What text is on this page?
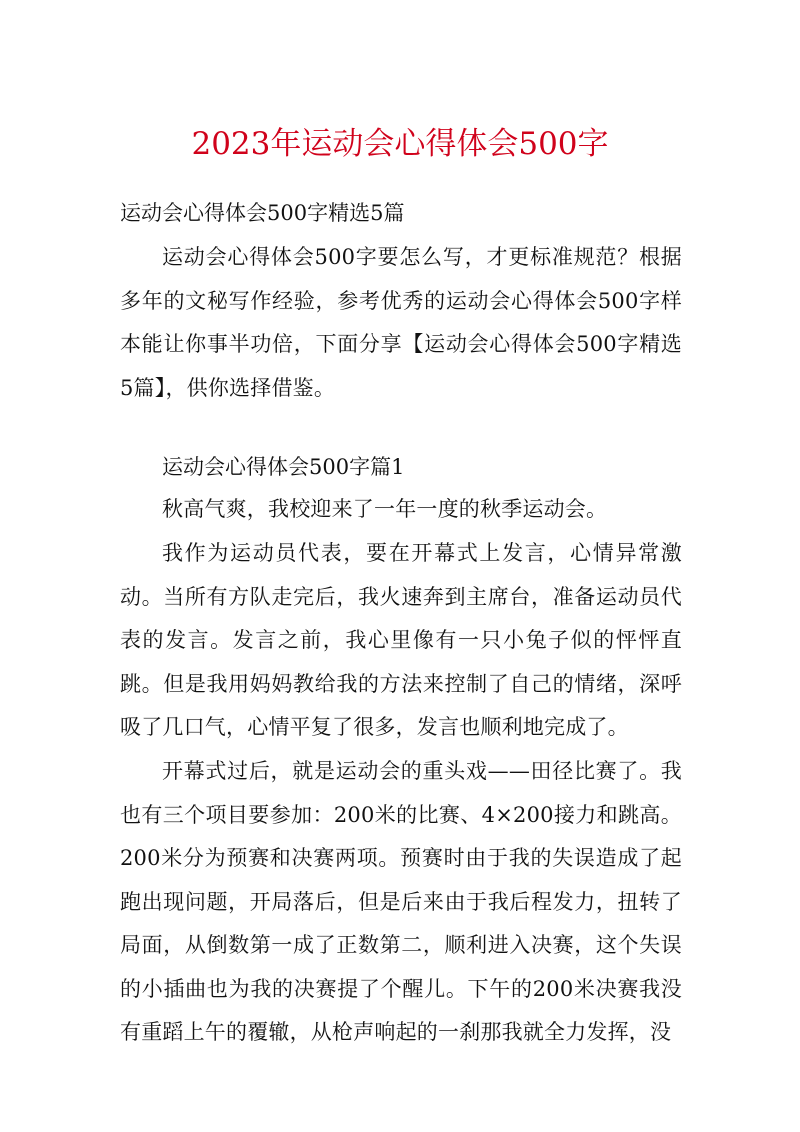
2023年运动会心得体会500字
运动会心得体会500字精选5篇

运动会心得体会500字要怎么写，才更标准规范？根据多年的文秘写作经验，参考优秀的运动会心得体会500字样本能让你事半功倍，下面分享【运动会心得体会500字精选5篇】，供你选择借鉴。

运动会心得体会500字篇1

秋高气爽，我校迎来了一年一度的秋季运动会。

我作为运动员代表，要在开幕式上发言，心情异常激动。当所有方队走完后，我火速奔到主席台，准备运动员代表的发言。发言之前，我心里像有一只小兔子似的怦怦直跳。但是我用妈妈教给我的方法来控制了自己的情绪，深呼吸了几口气，心情平复了很多，发言也顺利地完成了。

开幕式过后，就是运动会的重头戏——田径比赛了。我也有三个项目要参加：200米的比赛、4×200接力和跳高。200米分为预赛和决赛两项。预赛时由于我的失误造成了起跑出现问题，开局落后，但是后来由于我后程发力，扭转了局面，从倒数第一成了正数第二，顺利进入决赛，这个失误的小插曲也为我的决赛提了个醒儿。下午的200米决赛我没有重蹈上午的覆辙，从枪声响起的一刹那我就全力发挥，没
